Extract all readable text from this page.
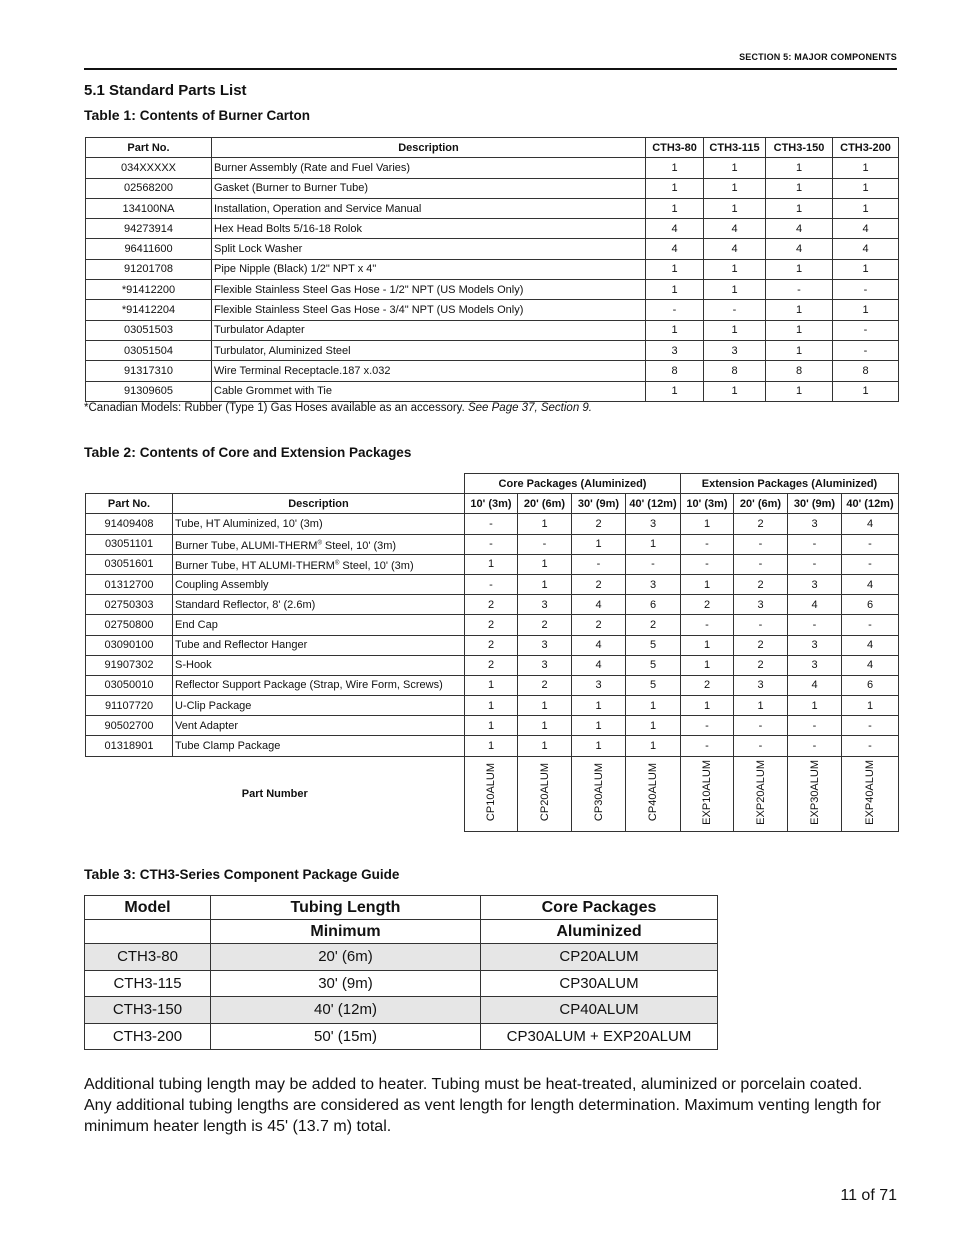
SECTION 5: MAJOR COMPONENTS
5.1 Standard Parts List
Table 1: Contents of Burner Carton
Part No.	Description	CTH3-80	CTH3-115	CTH3-150	CTH3-200
034XXXXX	Burner Assembly (Rate and Fuel Varies)	1	1	1	1
02568200	Gasket (Burner to Burner Tube)	1	1	1	1
134100NA	Installation, Operation and Service Manual	1	1	1	1
94273914	Hex Head Bolts 5/16-18 Rolok	4	4	4	4
96411600	Split Lock Washer	4	4	4	4
91201708	Pipe Nipple (Black) 1/2" NPT x 4"	1	1	1	1
*91412200	Flexible Stainless Steel Gas Hose - 1/2" NPT (US Models Only)	1	1	-	-
*91412204	Flexible Stainless Steel Gas Hose - 3/4" NPT (US Models Only)	-	-	1	1
03051503	Turbulator Adapter	1	1	1	-
03051504	Turbulator, Aluminized Steel	3	3	1	-
91317310	Wire Terminal Receptacle.187 x.032	8	8	8	8
91309605	Cable Grommet with Tie	1	1	1	1
*Canadian Models: Rubber (Type 1) Gas Hoses available as an accessory. See Page 37, Section 9.
Table 2: Contents of Core and Extension Packages
		Core Packages (Aluminized)				Extension Packages (Aluminized)			
Part No.	Description	10' (3m)	20' (6m)	30' (9m)	40' (12m)	10' (3m)	20' (6m)	30' (9m)	40' (12m)
91409408	Tube, HT Aluminized, 10' (3m)	-	1	2	3	1	2	3	4
03051101	Burner Tube, ALUMI-THERM® Steel, 10' (3m)	-	-	1	1	-	-	-	-
03051601	Burner Tube, HT ALUMI-THERM® Steel, 10' (3m)	1	1	-	-	-	-	-	-
01312700	Coupling Assembly	-	1	2	3	1	2	3	4
02750303	Standard Reflector, 8' (2.6m)	2	3	4	6	2	3	4	6
02750800	End Cap	2	2	2	2	-	-	-	-
03090100	Tube and Reflector Hanger	2	3	4	5	1	2	3	4
91907302	S-Hook	2	3	4	5	1	2	3	4
03050010	Reflector Support Package (Strap, Wire Form, Screws)	1	2	3	5	2	3	4	6
91107720	U-Clip Package	1	1	1	1	1	1	1	1
90502700	Vent Adapter	1	1	1	1	-	-	-	-
01318901	Tube Clamp Package	1	1	1	1	-	-	-	-
Part Number		CP10ALUM	CP20ALUM	CP30ALUM	CP40ALUM	EXP10ALUM	EXP20ALUM	EXP30ALUM	EXP40ALUM
Table 3: CTH3-Series Component Package Guide
Model	Tubing Length	Core Packages
	Minimum	Aluminized
CTH3-80	20' (6m)	CP20ALUM
CTH3-115	30' (9m)	CP30ALUM
CTH3-150	40' (12m)	CP40ALUM
CTH3-200	50' (15m)	CP30ALUM + EXP20ALUM
Additional tubing length may be added to heater. Tubing must be heat-treated, aluminized or porcelain coated. Any additional tubing lengths are considered as vent length for length determination. Maximum venting length for minimum heater length is 45' (13.7 m) total.
11 of 71
